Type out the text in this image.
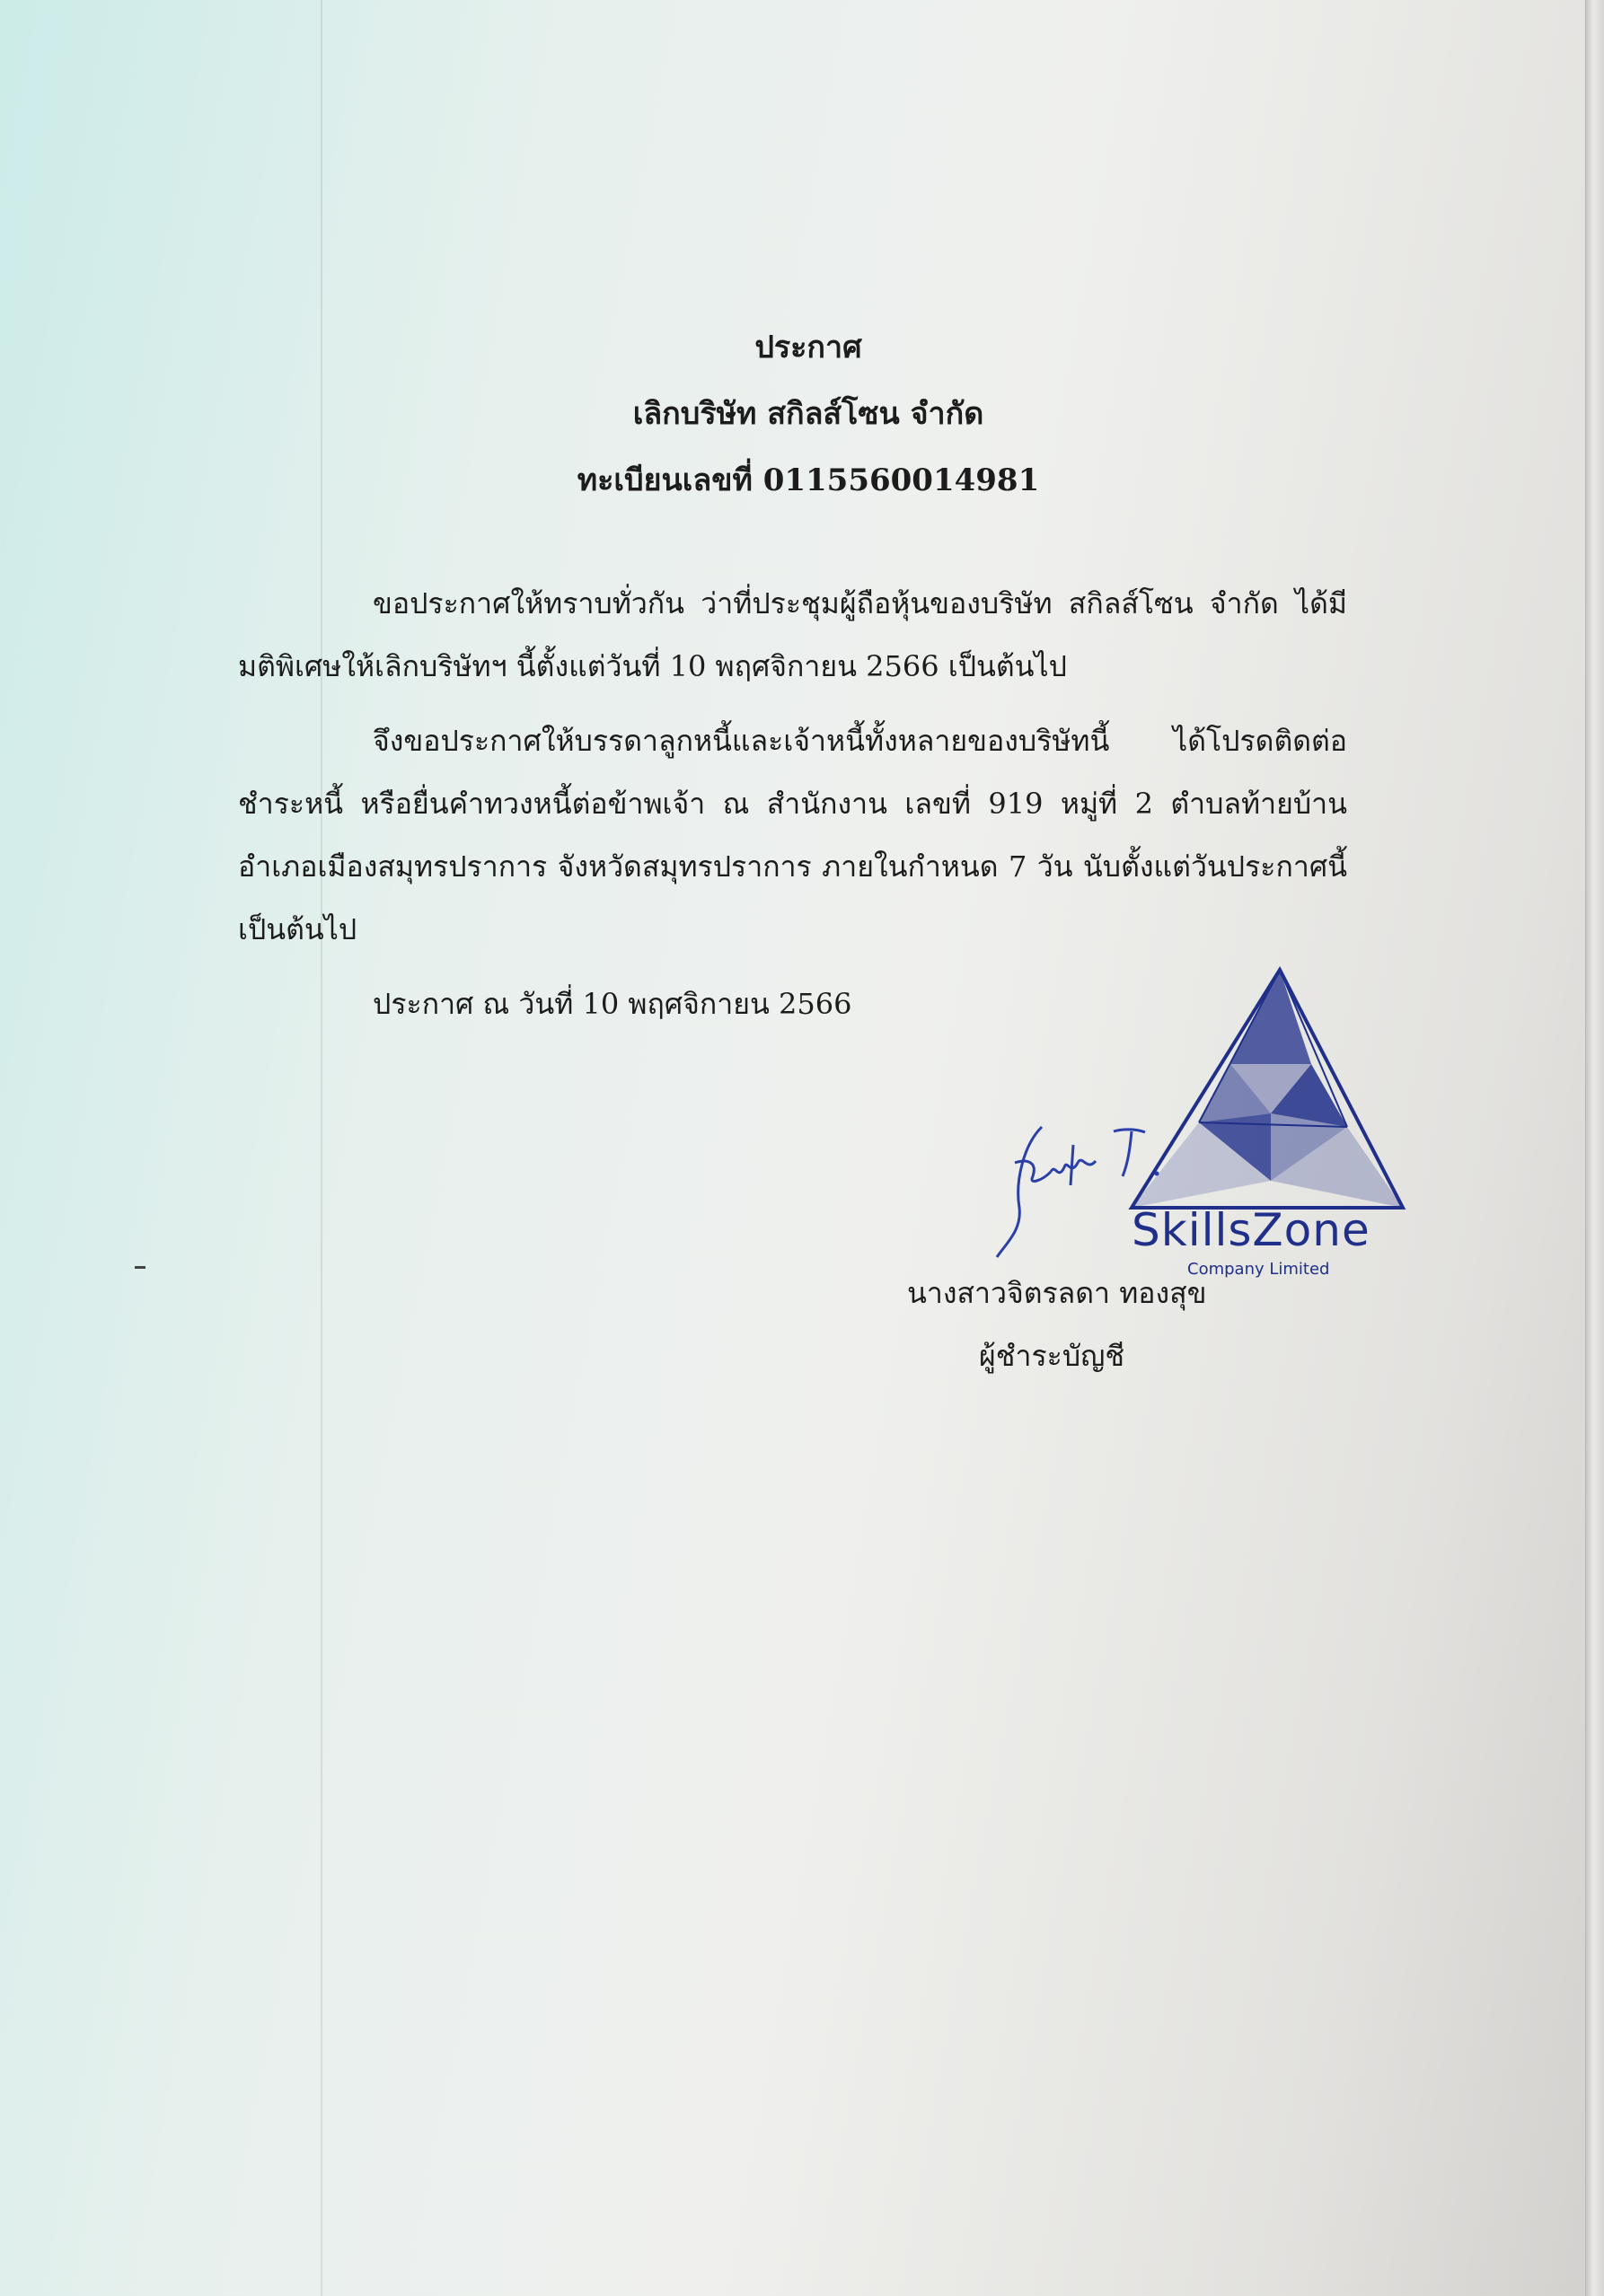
ประกาศ
เลิกบริษัท สกิลส์โซน จำกัด
ทะเบียนเลขที่ 0115560014981

ขอประกาศให้ทราบทั่วกัน ว่าที่ประชุมผู้ถือหุ้นของบริษัท สกิลส์โซน จำกัด ได้มีมติพิเศษให้เลิกบริษัทฯ นี้ตั้งแต่วันที่ 10 พฤศจิกายน 2566 เป็นต้นไป

จึงขอประกาศให้บรรดาลูกหนี้และเจ้าหนี้ทั้งหลายของบริษัทนี้ ได้โปรดติดต่อชำระหนี้ หรือยื่นคำทวงหนี้ต่อข้าพเจ้า ณ สำนักงาน เลขที่ 919 หมู่ที่ 2 ตำบลท้ายบ้าน อำเภอเมืองสมุทรปราการ จังหวัดสมุทรปราการ ภายในกำหนด 7 วัน นับตั้งแต่วันประกาศนี้เป็นต้นไป

ประกาศ ณ วันที่ 10 พฤศจิกายน 2566

SkillsZone
Company Limited
นางสาวจิตรลดา ทองสุข
ผู้ชำระบัญชี
